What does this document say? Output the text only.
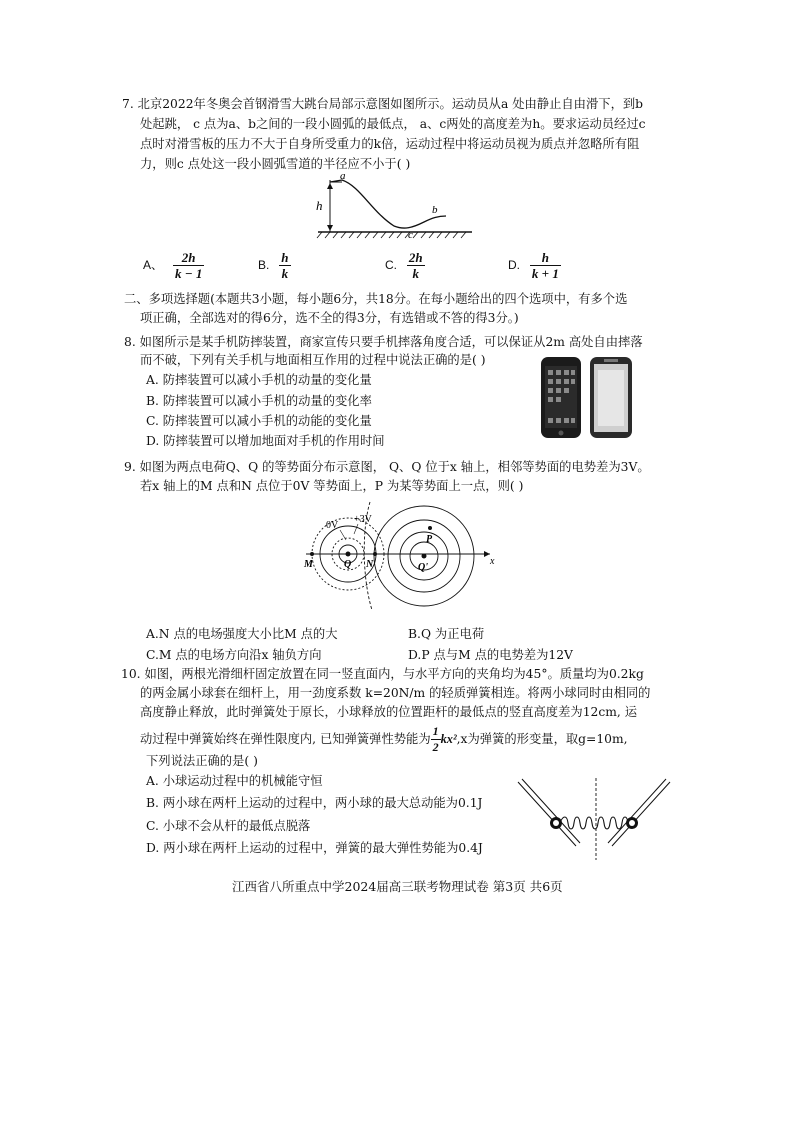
7. 北京2022年冬奥会首钢滑雪大跳台局部示意图如图所示。运动员从a 处由静止自由滑下，到b
处起跳， c 点为a、b之间的一段小圆弧的最低点， a、c两处的高度差为h。要求运动员经过c
点时对滑雪板的压力不大于自身所受重力的k倍，运动过程中将运动员视为质点并忽略所有阻
力，则c 点处这一段小圆弧雪道的半径应不小于( )
h
a
b
c
A、 $\frac{2h}{k - 1}$	B. $\frac{h}{k}$	C. $\frac{2h}{k}$	D. $\frac{h}{k + 1}$
二、多项选择题(本题共3小题，每小题6分，共18分。在每小题给出的四个选项中，有多个选
项正确，全部选对的得6分，选不全的得3分，有选错或不答的得3分。)
8. 如图所示是某手机防摔装置，商家宣传只要手机摔落角度合适，可以保证从2m 高处自由摔落
而不破，下列有关手机与地面相互作用的过程中说法正确的是( )
A. 防摔装置可以减小手机的动量的变化量
B. 防摔装置可以减小手机的动量的变化率
C. 防摔装置可以减小手机的动能的变化量
D. 防摔装置可以增加地面对手机的作用时间
9. 如图为两点电荷Q、Q 的等势面分布示意图， Q、Q 位于x 轴上，相邻等势面的电势差为3V。
若x 轴上的M 点和N 点位于0V 等势面上，P 为某等势面上一点，则( )
0V
+3V
M	Q N	Q'
P
x
A.N 点的电场强度大小比M 点的大	B.Q 为正电荷
C.M 点的电场方向沿x 轴负方向	D.P 点与M 点的电势差为12V
10. 如图，两根光滑细杆固定放置在同一竖直面内，与水平方向的夹角均为45°。质量均为0.2kg
的两金属小球套在细杆上，用一劲度系数 k=20N/m 的轻质弹簧相连。将两小球同时由相同的
高度静止释放，此时弹簧处于原长，小球释放的位置距杆的最低点的竖直高度差为12cm, 运
动过程中弹簧始终在弹性限度内, 已知弹簧弹性势能为 $\frac{1}{2} kx^2,x$为弹簧的形变量，取g=10m,
下列说法正确的是( )
A. 小球运动过程中的机械能守恒
B. 两小球在两杆上运动的过程中，两小球的最大总动能为0.1J
C. 小球不会从杆的最低点脱落
D. 两小球在两杆上运动的过程中，弹簧的最大弹性势能为0.4J
江西省八所重点中学2024届高三联考物理试卷 第3页 共6页
